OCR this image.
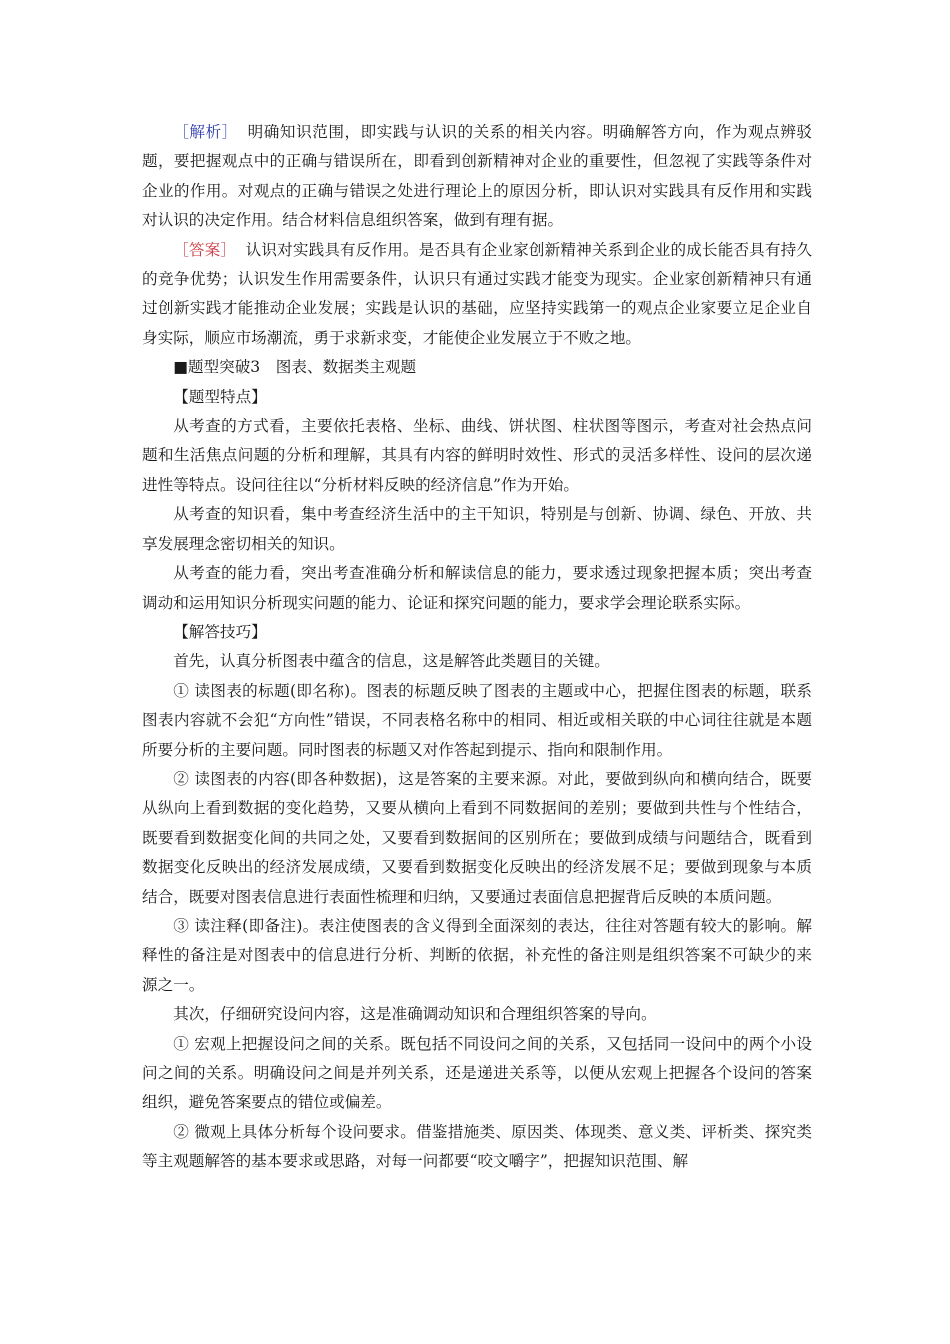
［解析］ 明确知识范围，即实践与认识的关系的相关内容。明确解答方向，作为观点辨驳题，要把握观点中的正确与错误所在，即看到创新精神对企业的重要性，但忽视了实践等条件对企业的作用。对观点的正确与错误之处进行理论上的原因分析，即认识对实践具有反作用和实践对认识的决定作用。结合材料信息组织答案，做到有理有据。

［答案］ 认识对实践具有反作用。是否具有企业家创新精神关系到企业的成长能否具有持久的竞争优势；认识发生作用需要条件，认识只有通过实践才能变为现实。企业家创新精神只有通过创新实践才能推动企业发展；实践是认识的基础，应坚持实践第一的观点企业家要立足企业自身实际，顺应市场潮流，勇于求新求变，才能使企业发展立于不败之地。

■题型突破3　图表、数据类主观题

【题型特点】

从考查的方式看，主要依托表格、坐标、曲线、饼状图、柱状图等图示，考查对社会热点问题和生活焦点问题的分析和理解，其具有内容的鲜明时效性、形式的灵活多样性、设问的层次递进性等特点。设问往往以“分析材料反映的经济信息”作为开始。

从考查的知识看，集中考查经济生活中的主干知识，特别是与创新、协调、绿色、开放、共享发展理念密切相关的知识。

从考查的能力看，突出考查准确分析和解读信息的能力，要求透过现象把握本质；突出考查调动和运用知识分析现实问题的能力、论证和探究问题的能力，要求学会理论联系实际。

【解答技巧】

首先，认真分析图表中蕴含的信息，这是解答此类题目的关键。

① 读图表的标题(即名称)。图表的标题反映了图表的主题或中心，把握住图表的标题，联系图表内容就不会犯“方向性”错误，不同表格名称中的相同、相近或相关联的中心词往往就是本题所要分析的主要问题。同时图表的标题又对作答起到提示、指向和限制作用。

② 读图表的内容(即各种数据)，这是答案的主要来源。对此，要做到纵向和横向结合，既要从纵向上看到数据的变化趋势，又要从横向上看到不同数据间的差别；要做到共性与个性结合，既要看到数据变化间的共同之处，又要看到数据间的区别所在；要做到成绩与问题结合，既看到数据变化反映出的经济发展成绩，又要看到数据变化反映出的经济发展不足；要做到现象与本质结合，既要对图表信息进行表面性梳理和归纳，又要通过表面信息把握背后反映的本质问题。

③ 读注释(即备注)。表注使图表的含义得到全面深刻的表达，往往对答题有较大的影响。解释性的备注是对图表中的信息进行分析、判断的依据，补充性的备注则是组织答案不可缺少的来源之一。

其次，仔细研究设问内容，这是准确调动知识和合理组织答案的导向。

① 宏观上把握设问之间的关系。既包括不同设问之间的关系，又包括同一设问中的两个小设问之间的关系。明确设问之间是并列关系，还是递进关系等，以便从宏观上把握各个设问的答案组织，避免答案要点的错位或偏差。

② 微观上具体分析每个设问要求。借鉴措施类、原因类、体现类、意义类、评析类、探究类等主观题解答的基本要求或思路，对每一问都要“咬文嚼字”，把握知识范围、解
